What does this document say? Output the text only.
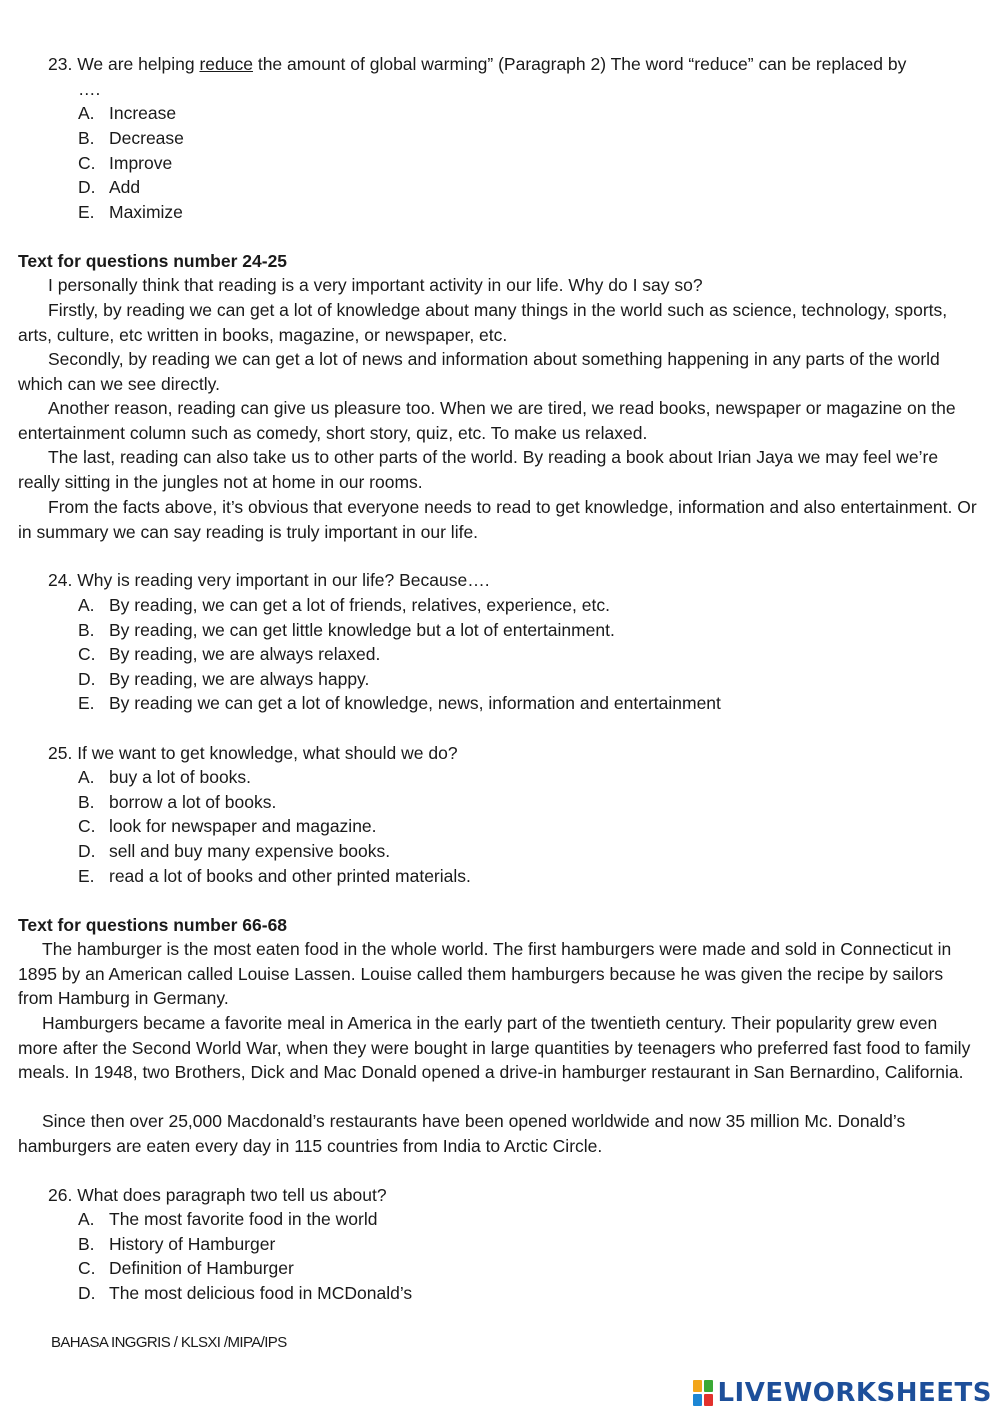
23. We are helping reduce the amount of global warming” (Paragraph 2) The word “reduce” can be replaced by
….
A. Increase
B. Decrease
C. Improve
D. Add
E. Maximize
Text for questions number 24-25
I personally think that reading is a very important activity in our life. Why do I say so?
Firstly, by reading we can get a lot of knowledge about many things in the world such as science, technology, sports, arts, culture, etc written in books, magazine, or newspaper, etc.
Secondly, by reading we can get a lot of news and information about something happening in any parts of the world which can we see directly.
Another reason, reading can give us pleasure too. When we are tired, we read books, newspaper or magazine on the entertainment column such as comedy, short story, quiz, etc. To make us relaxed.
The last, reading can also take us to other parts of the world. By reading a book about Irian Jaya we may feel we’re really sitting in the jungles not at home in our rooms.
From the facts above, it’s obvious that everyone needs to read to get knowledge, information and also entertainment. Or in summary we can say reading is truly important in our life.
24. Why is reading very important in our life? Because….
A. By reading, we can get a lot of friends, relatives, experience, etc.
B. By reading, we can get little knowledge but a lot of entertainment.
C. By reading, we are always relaxed.
D. By reading, we are always happy.
E. By reading we can get a lot of knowledge, news, information and entertainment
25. If we want to get knowledge, what should we do?
A. buy a lot of books.
B. borrow a lot of books.
C. look for newspaper and magazine.
D. sell and buy many expensive books.
E. read a lot of books and other printed materials.
Text for questions number 66-68
The hamburger is the most eaten food in the whole world. The first hamburgers were made and sold in Connecticut in 1895 by an American called Louise Lassen. Louise called them hamburgers because he was given the recipe by sailors from Hamburg in Germany.
Hamburgers became a favorite meal in America in the early part of the twentieth century. Their popularity grew even more after the Second World War, when they were bought in large quantities by teenagers who preferred fast food to family meals. In 1948, two Brothers, Dick and Mac Donald opened a drive-in hamburger restaurant in San Bernardino, California.
Since then over 25,000 Macdonald’s restaurants have been opened worldwide and now 35 million Mc. Donald’s hamburgers are eaten every day in 115 countries from India to Arctic Circle.
26. What does paragraph two tell us about?
A. The most favorite food in the world
B. History of Hamburger
C. Definition of Hamburger
D. The most delicious food in MCDonald’s
BAHASA INGGRIS / KLSXI /MIPA/IPS
LIVEWORKSHEETS
